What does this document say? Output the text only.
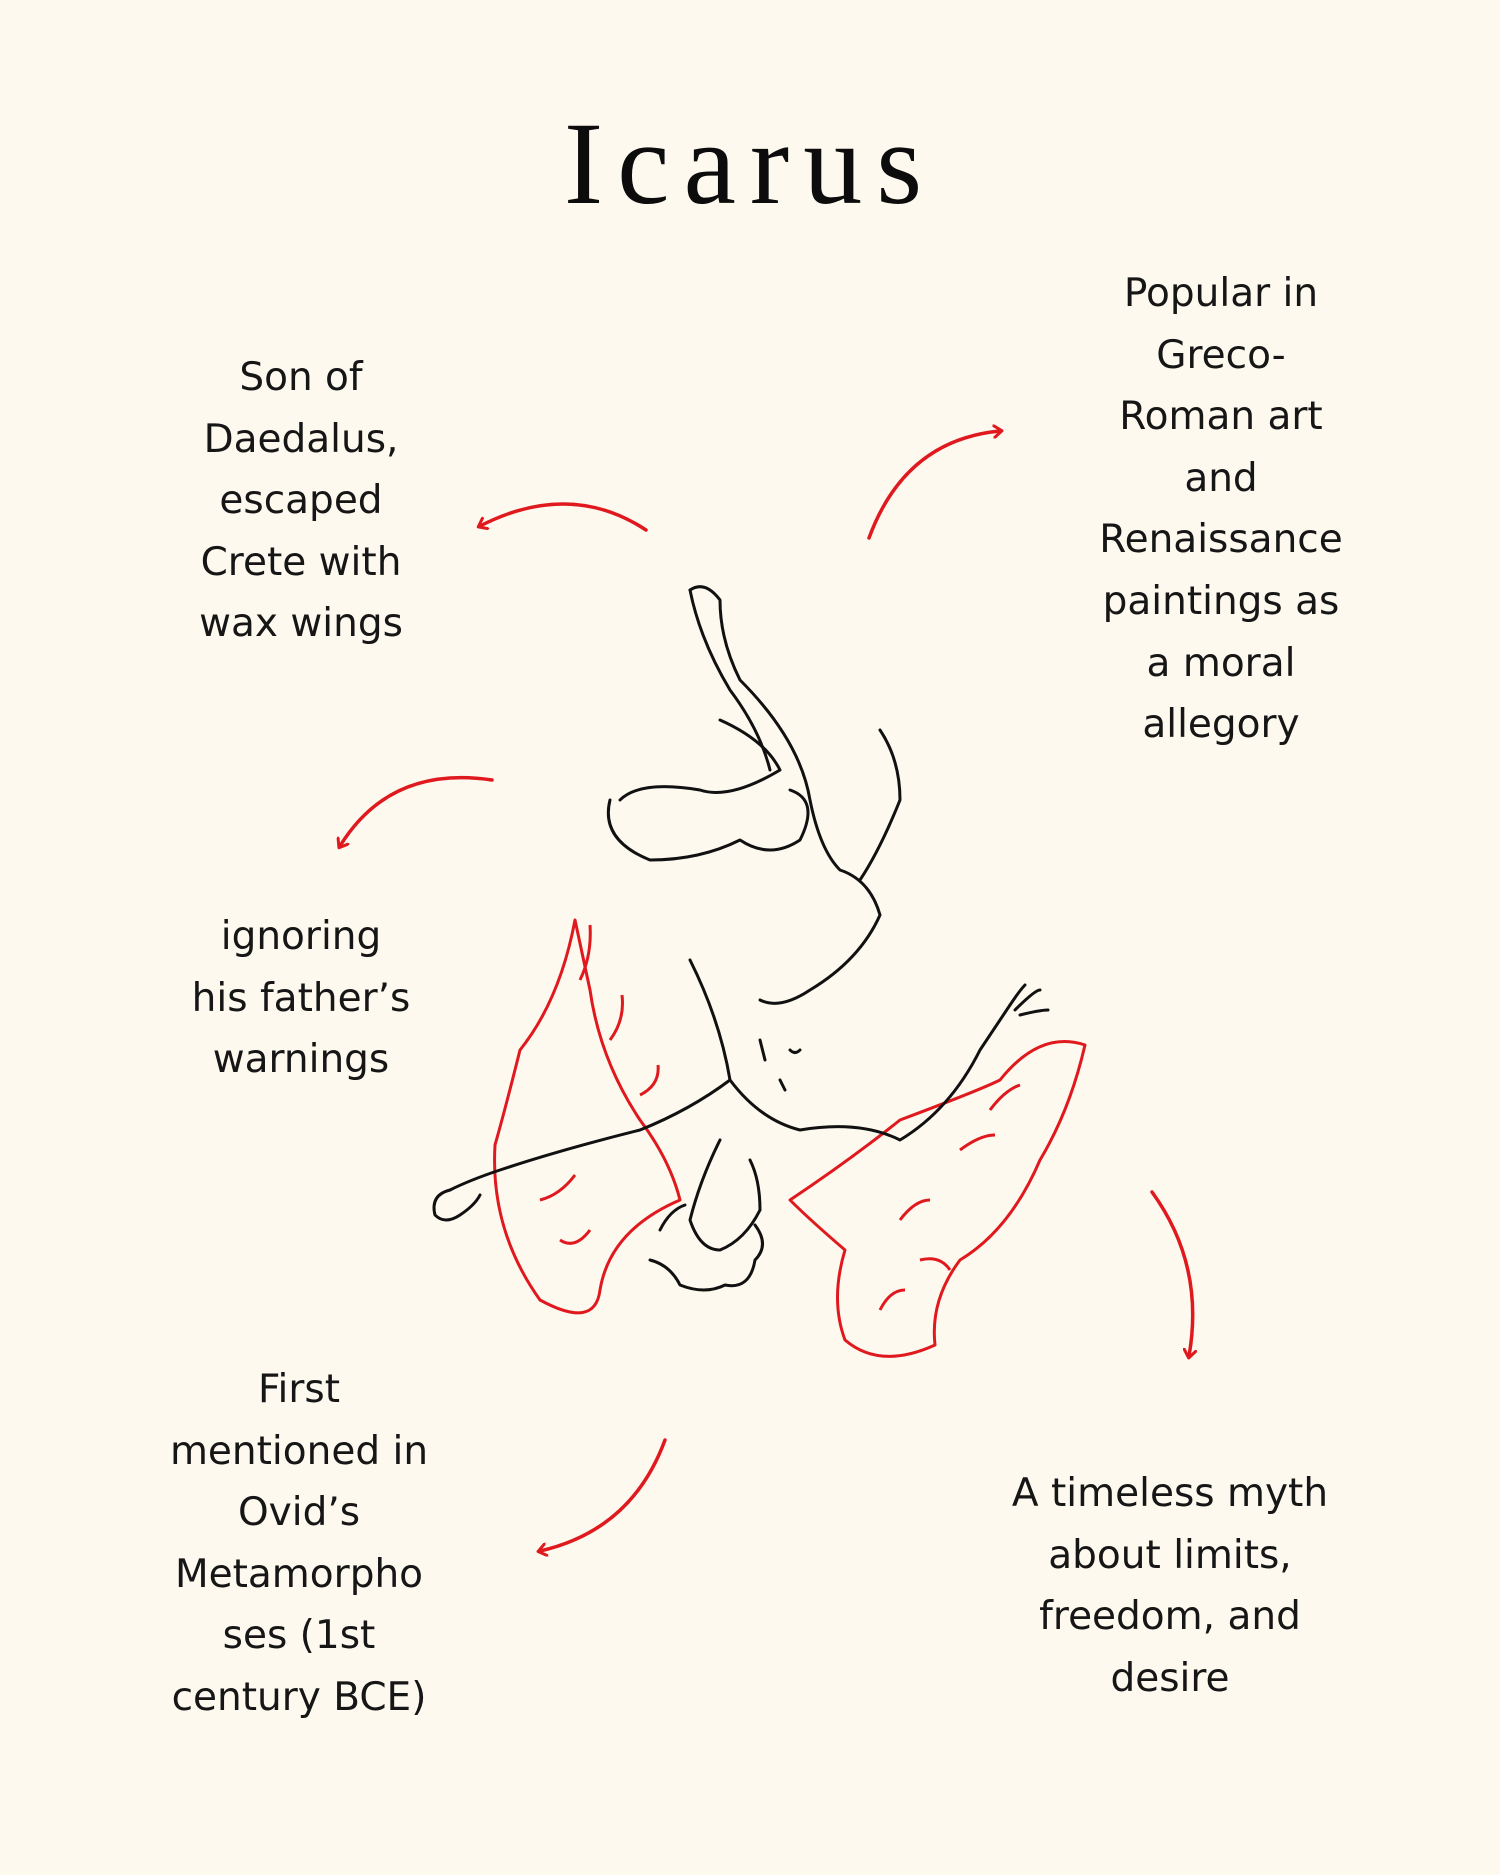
Icarus
Son of
Daedalus,
escaped
Crete with
wax wings
Popular in
Greco-
Roman art
and
Renaissance
paintings as
a moral
allegory
ignoring
his father’s
warnings
First
mentioned in
Ovid’s
Metamorpho
ses (1st
century BCE)
A timeless myth
about limits,
freedom, and
desire
